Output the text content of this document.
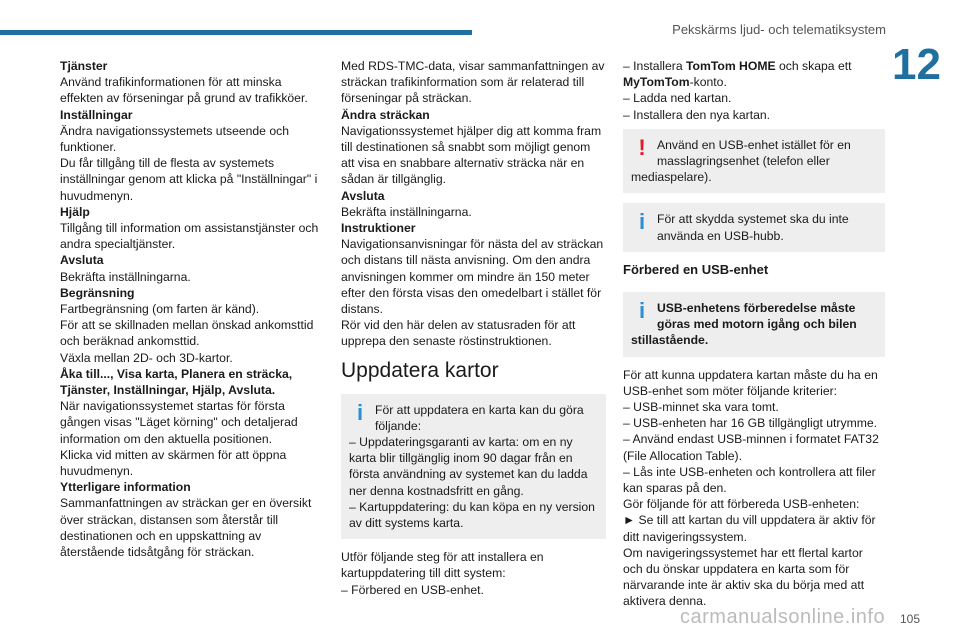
Pekskärms ljud- och telematiksystem
12

Tjänster

Använd trafikinformationen för att minska effekten av förseningar på grund av trafikköer.

Inställningar

Ändra navigationssystemets utseende och funktioner.

Du får tillgång till de flesta av systemets inställningar genom att klicka på "Inställningar" i huvudmenyn.

Hjälp

Tillgång till information om assistanstjänster och andra specialtjänster.

Avsluta

Bekräfta inställningarna.

Begränsning

Fartbegränsning (om farten är känd).

För att se skillnaden mellan önskad ankomsttid och beräknad ankomsttid.

Växla mellan 2D- och 3D-kartor.

Åka till..., Visa karta, Planera en sträcka, Tjänster, Inställningar, Hjälp, Avsluta.

När navigationssystemet startas för första gången visas "Läget körning" och detaljerad information om den aktuella positionen.

Klicka vid mitten av skärmen för att öppna huvudmenyn.

Ytterligare information

Sammanfattningen av sträckan ger en översikt över sträckan, distansen som återstår till destinationen och en uppskattning av återstående tidsåtgång för sträckan.

Med RDS-TMC-data, visar sammanfattningen av sträckan trafikinformation som är relaterad till förseningar på sträckan.

Ändra sträckan

Navigationssystemet hjälper dig att komma fram till destinationen så snabbt som möjligt genom att visa en snabbare alternativ sträcka när en sådan är tillgänglig.

Avsluta

Bekräfta inställningarna.

Instruktioner

Navigationsanvisningar för nästa del av sträckan och distans till nästa anvisning. Om den andra anvisningen kommer om mindre än 150 meter efter den första visas den omedelbart i stället för distans.

Rör vid den här delen av statusraden för att upprepa den senaste röstinstruktionen.

Uppdatera kartor

i För att uppdatera en karta kan du göra följande:

– Uppdateringsgaranti av karta: om en ny karta blir tillgänglig inom 90 dagar från en första användning av systemet kan du ladda ner denna kostnadsfritt en gång.

– Kartuppdatering: du kan köpa en ny version av ditt systems karta.

Utför följande steg för att installera en kartuppdatering till ditt system:

– Förbered en USB-enhet.

– Installera TomTom HOME och skapa ett MyTomTom-konto.

– Ladda ned kartan.

– Installera den nya kartan.

! Använd en USB-enhet istället för en masslagringsenhet (telefon eller

mediaspelare).

i För att skydda systemet ska du inte använda en USB-hubb.

Förbered en USB-enhet

i USB-enhetens förberedelse måste göras med motorn igång och bilen

stillastående.

För att kunna uppdatera kartan måste du ha en USB-enhet som möter följande kriterier:

– USB-minnet ska vara tomt.

– USB-enheten har 16 GB tillgängligt utrymme.

– Använd endast USB-minnen i formatet FAT32 (File Allocation Table).

– Lås inte USB-enheten och kontrollera att filer kan sparas på den.

Gör följande för att förbereda USB-enheten:

► Se till att kartan du vill uppdatera är aktiv för ditt navigeringssystem.

Om navigeringssystemet har ett flertal kartor och du önskar uppdatera en karta som för närvarande inte är aktiv ska du börja med att aktivera denna.

carmanualsonline.info 105
